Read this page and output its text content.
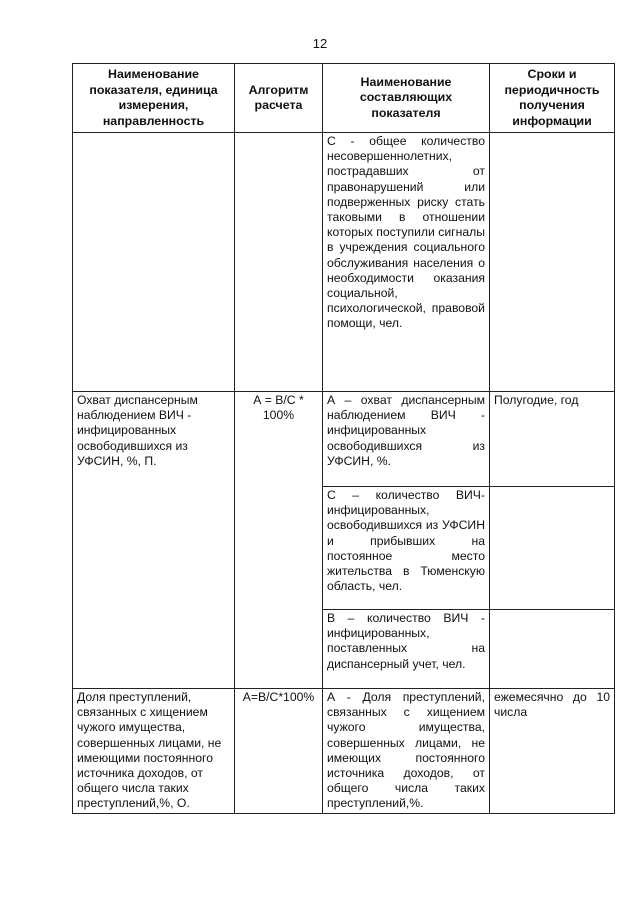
12
Наименование показателя, единица измерения, направленность	Алгоритм расчета	Наименование составляющих показателя	Сроки и периодичность получения информации
		С - общее количество несовершеннолетних, пострадавших от правонарушений или подверженных риску стать таковыми в отношении которых поступили сигналы в учреждения социального обслуживания населения о необходимости оказания социальной, психологической, правовой помощи, чел.	
Охват диспансерным наблюдением ВИЧ - инфицированных освободившихся из УФСИН, %, П.	А = В/С * 100%	А – охват диспансерным наблюдением ВИЧ - инфицированных освободившихся из УФСИН, %.	Полугодие, год
		С – количество ВИЧ-инфицированных, освободившихся из УФСИН и прибывших на постоянное место жительства в Тюменскую область, чел.	
		В – количество ВИЧ - инфицированных, поставленных на диспансерный учет, чел.	
Доля преступлений, связанных с хищением чужого имущества, совершенных лицами, не имеющими постоянного источника доходов, от общего числа таких преступлений,%, О.	А=В/С*100%	А - Доля преступлений, связанных с хищением чужого имущества, совершенных лицами, не имеющих постоянного источника доходов, от общего числа таких преступлений,%.	ежемесячно до 10 числа
